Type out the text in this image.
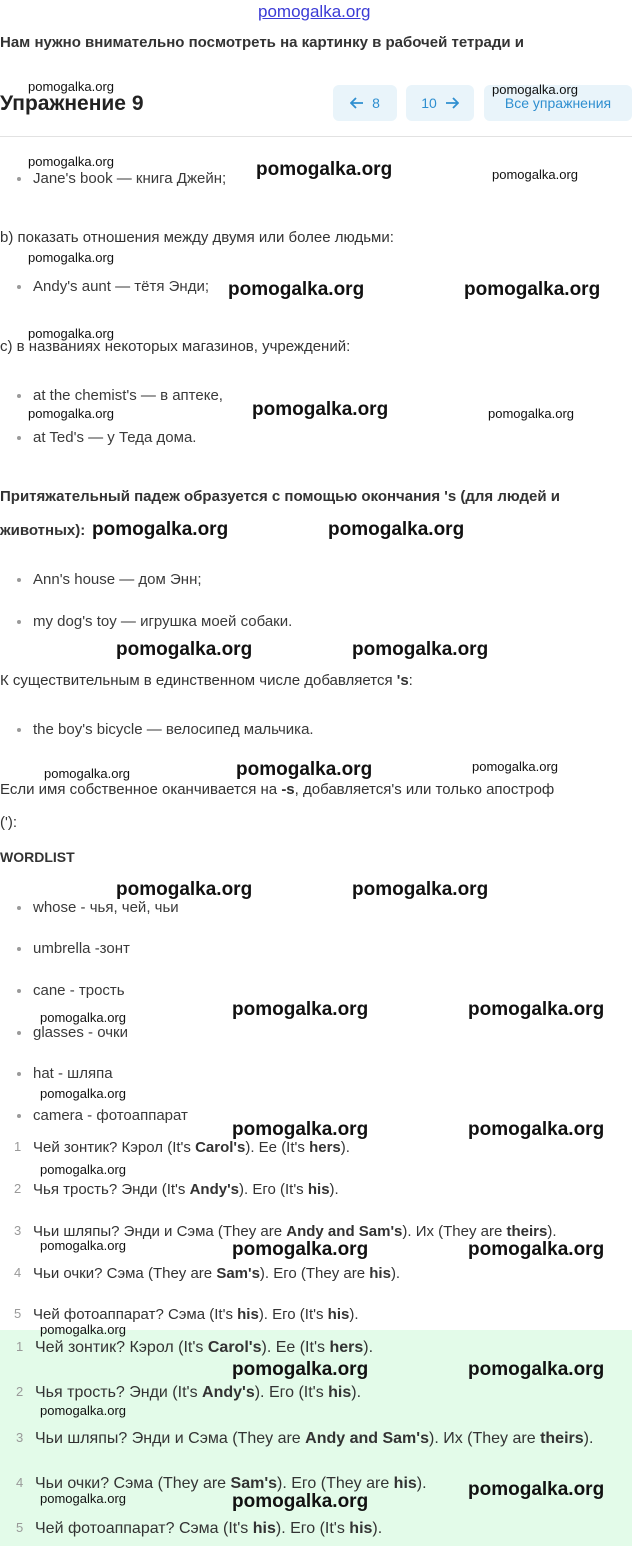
pomogalka.org
Нам нужно внимательно посмотреть на картинку в рабочей тетради и
pomogalka.org
Упражнение 9	8	10	Все упражнения
pomogalka.org
pomogalka.org
Jane's book — книга Джейн; pomogalka.org	pomogalka.org
b) показать отношения между двумя или более людьми:
pomogalka.org
Andy's aunt — тётя Энди; pomogalka.org	pomogalka.org
pomogalka.org
c) в названиях некоторых магазинов, учреждений:
at the chemist's — в аптеке,
pomogalka.org
pomogalka.org	pomogalka.org
at Ted's — у Теда дома.
Притяжательный падеж образуется с помощью окончания 's (для людей и
животных): pomogalka.org	pomogalka.org
Ann's house — дом Энн;
my dog's toy — игрушка моей собаки.
pomogalka.org	pomogalka.org
К существительным в единственном числе добавляется 's:
the boy's bicycle — велосипед мальчика.
pomogalka.org	pomogalka.org	pomogalka.org
Если имя собственное оканчивается на -s, добавляется's или только апостроф
('):
WORDLIST
pomogalka.org	pomogalka.org
whose - чья, чей, чьи
umbrella -зонт
cane - трость
pomogalka.org	pomogalka.org
pomogalka.org
glasses - очки
hat - шляпа
pomogalka.org
camera - фотоаппарат
pomogalka.org	pomogalka.org
1 Чей зонтик? Кэрол (It's Carol's). Ее (It's hers).
pomogalka.org
2 Чья трость? Энди (It's Andy's). Его (It's his).
3 Чьи шляпы? Энди и Сэма (They are Andy and Sam's). Их (They are theirs).
pomogalka.org	pomogalka.org
pomogalka.org
4 Чьи очки? Сэма (They are Sam's). Его (They are his).
5 Чей фотоаппарат? Сэма (It's his). Его (It's his).
pomogalka.org
1 Чей зонтик? Кэрол (It's Carol's). Ее (It's hers).
pomogalka.org	pomogalka.org
2 Чья трость? Энди (It's Andy's). Его (It's his).
pomogalka.org
3 Чьи шляпы? Энди и Сэма (They are Andy and Sam's). Их (They are theirs).
4 Чьи очки? Сэма (They are Sam's). Его (They are his). pomogalka.org
pomogalka.org	pomogalka.org
5 Чей фотоаппарат? Сэма (It's his). Его (It's his).
